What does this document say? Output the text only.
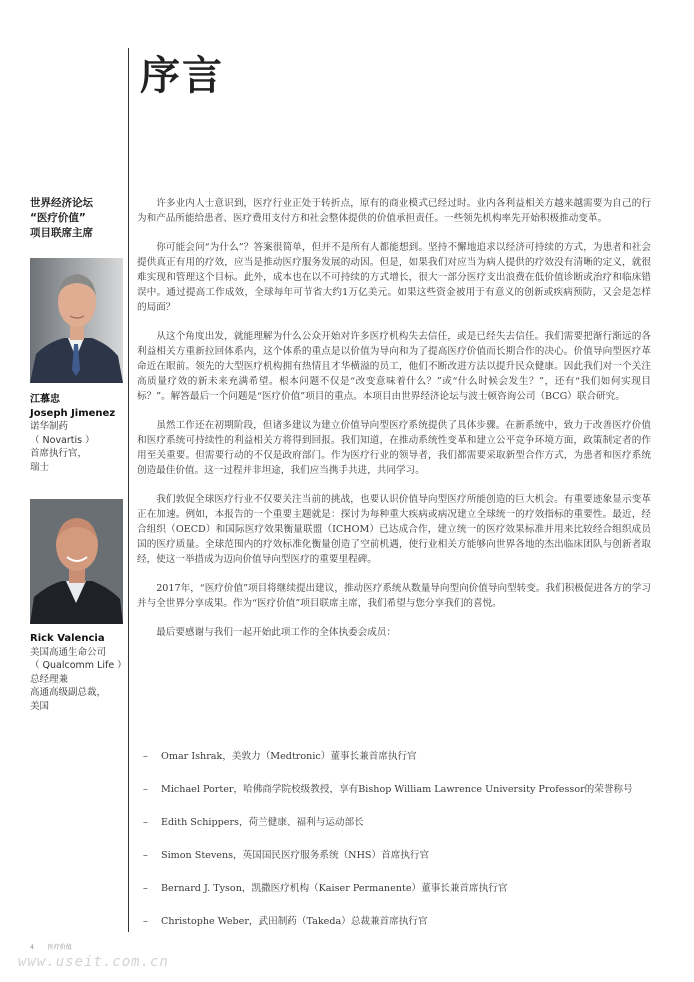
序言
世界经济论坛
“医疗价值”
项目联席主席
江慕忠
Joseph Jimenez
诺华制药
（ Novartis ）
首席执行官，
瑞士
Rick Valencia
美国高通生命公司
（ Qualcomm Life ）
总经理兼
高通高级副总裁，
美国

许多业内人士意识到，医疗行业正处于转折点，原有的商业模式已经过时。业内各利益相关方越来越需要为自己的行为和产品所能给患者、医疗费用支付方和社会整体提供的价值承担责任。一些领先机构率先开始积极推动变革。

你可能会问“为什么”？答案很简单，但并不是所有人都能想到。坚持不懈地追求以经济可持续的方式，为患者和社会提供真正有用的疗效，应当是推动医疗服务发展的动因。但是，如果我们对应当为病人提供的疗效没有清晰的定义，就很难实现和管理这个目标。此外，成本也在以不可持续的方式增长，很大一部分医疗支出浪费在低价值诊断或治疗和临床错误中。通过提高工作成效，全球每年可节省大约1万亿美元。如果这些资金被用于有意义的创新或疾病预防，又会是怎样的局面？

从这个角度出发，就能理解为什么公众开始对许多医疗机构失去信任，或是已经失去信任。我们需要把渐行渐远的各利益相关方重新拉回体系内，这个体系的重点是以价值为导向和为了提高医疗价值而长期合作的决心。价值导向型医疗革命近在眼前。领先的大型医疗机构拥有热情且才华横溢的员工，他们不断改进方法以提升民众健康。因此我们对一个关注高质量疗效的新未来充满希望。根本问题不仅是“改变意味着什么？”或“什么时候会发生？”，还有“我们如何实现目标？”。解答最后一个问题是“医疗价值”项目的重点。本项目由世界经济论坛与波士顿咨询公司（BCG）联合研究。

虽然工作还在初期阶段，但诸多建议为建立价值导向型医疗系统提供了具体步骤。在新系统中，致力于改善医疗价值和医疗系统可持续性的利益相关方将得到回报。我们知道，在推动系统性变革和建立公平竞争环境方面，政策制定者的作用至关重要。但需要行动的不仅是政府部门。作为医疗行业的领导者，我们都需要采取新型合作方式，为患者和医疗系统创造最佳价值。这一过程并非坦途，我们应当携手共进，共同学习。

我们敦促全球医疗行业不仅要关注当前的挑战，也要认识价值导向型医疗所能创造的巨大机会。有重要迹象显示变革正在加速。例如，本报告的一个重要主题就是：探讨为每种重大疾病或病况建立全球统一的疗效指标的重要性。最近，经合组织（OECD）和国际医疗效果衡量联盟（ICHOM）已达成合作，建立统一的医疗效果标准并用来比较经合组织成员国的医疗质量。全球范围内的疗效标准化衡量创造了空前机遇，使行业相关方能够向世界各地的杰出临床团队与创新者取经，使这一举措成为迈向价值导向型医疗的重要里程碑。

2017年，“医疗价值”项目将继续提出建议，推动医疗系统从数量导向型向价值导向型转变。我们积极促进各方的学习并与全世界分享成果。作为“医疗价值”项目联席主席，我们希望与您分享我们的喜悦。

最后要感谢与我们一起开始此项工作的全体执委会成员：

– Omar Ishrak，美敦力（Medtronic）董事长兼首席执行官
– Michael Porter，哈佛商学院校级教授，享有Bishop William Lawrence University Professor的荣誉称号
– Edith Schippers，荷兰健康、福利与运动部长
– Simon Stevens，英国国民医疗服务系统（NHS）首席执行官
– Bernard J. Tyson，凯撒医疗机构（Kaiser Permanente）董事长兼首席执行官
– Christophe Weber，武田制药（Takeda）总裁兼首席执行官
4 医疗价值
www.useit.com.cn
